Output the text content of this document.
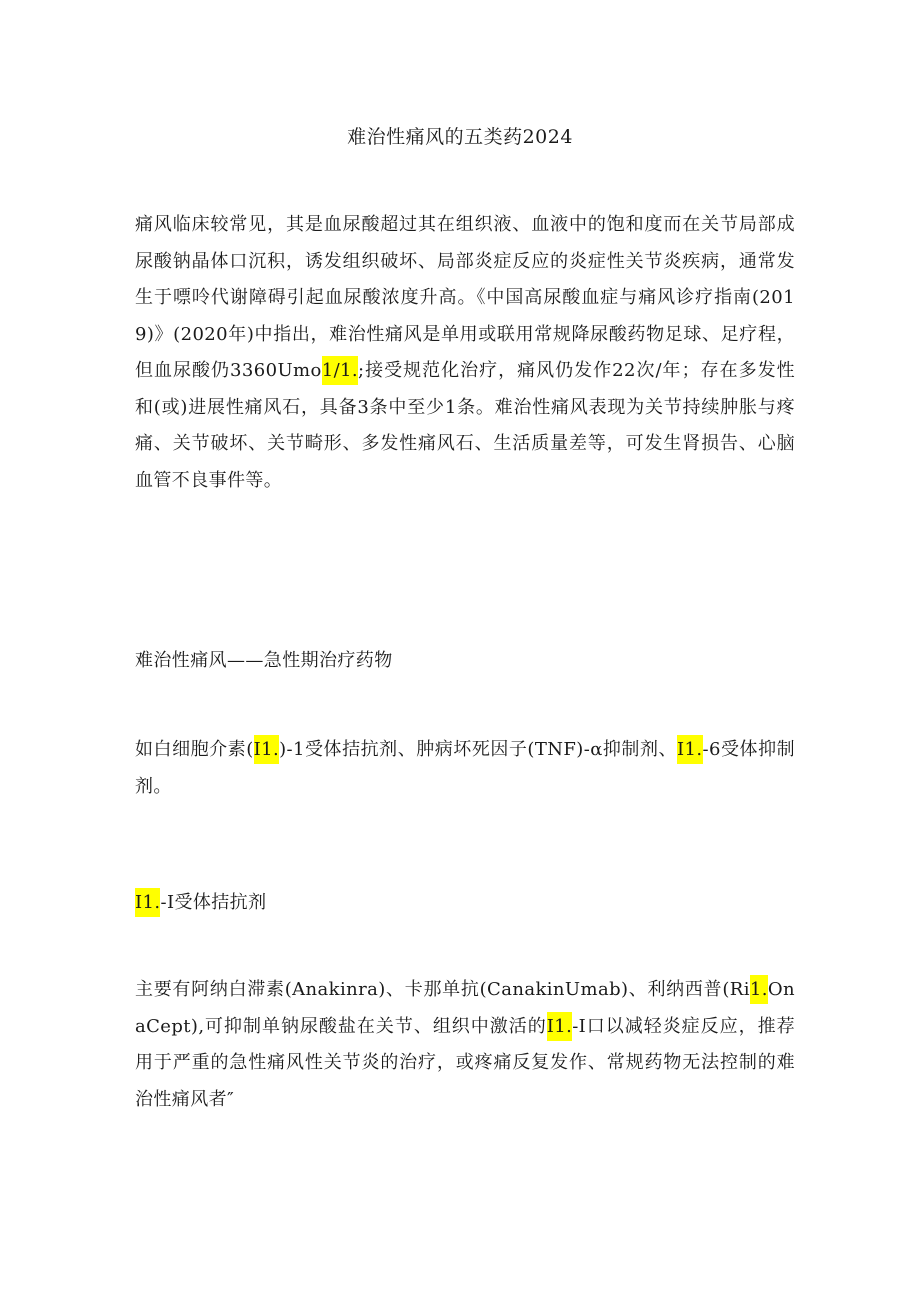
难治性痛风的五类药2024

痛风临床较常见，其是血尿酸超过其在组织液、血液中的饱和度而在关节局部成尿酸钠晶体口沉积，诱发组织破坏、局部炎症反应的炎症性关节炎疾病，通常发生于嘌呤代谢障碍引起血尿酸浓度升高。《中国高尿酸血症与痛风诊疗指南(2019)》(2020年)中指出，难治性痛风是单用或联用常规降尿酸药物足球、足疗程，但血尿酸仍3360Umo1/1.;接受规范化治疗，痛风仍发作22次/年；存在多发性和(或)进展性痛风石，具备3条中至少1条。难治性痛风表现为关节持续肿胀与疼痛、关节破坏、关节畸形、多发性痛风石、生活质量差等，可发生肾损告、心脑血管不良事件等。

难治性痛风——急性期治疗药物

如白细胞介素(I1.)-1受体拮抗剂、肿病坏死因子(TNF)-α抑制剂、I1.-6受体抑制剂。

I1.-I受体拮抗剂

主要有阿纳白滞素(Anakinra)、卡那单抗(CanakinUmab)、利纳西普(Ri1.OnaCept),可抑制单钠尿酸盐在关节、组织中激活的I1.-I口以减轻炎症反应，推荐用于严重的急性痛风性关节炎的治疗，或疼痛反复发作、常规药物无法控制的难治性痛风者″
